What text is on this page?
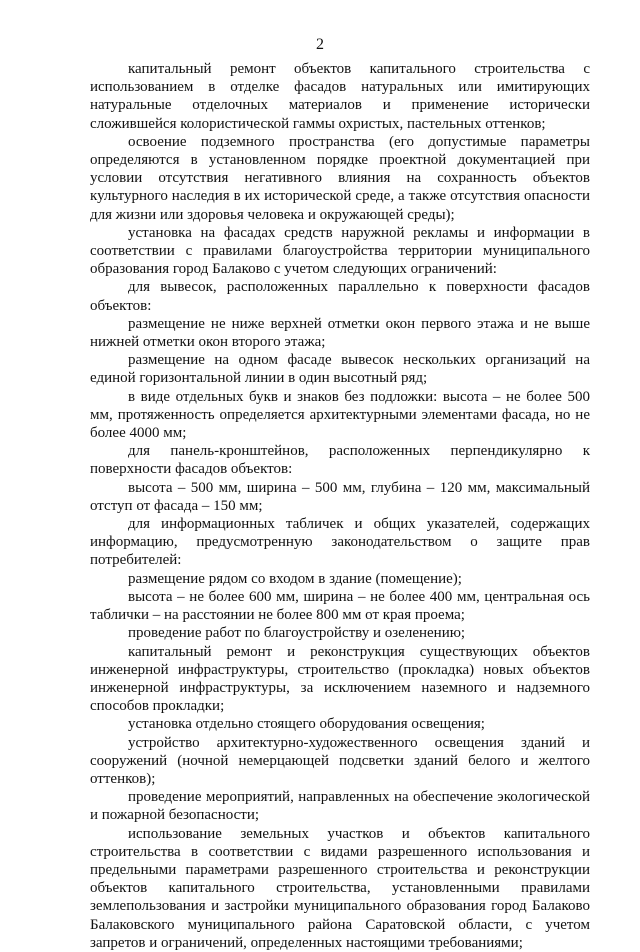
2

капитальный ремонт объектов капитального строительства с использованием в отделке фасадов натуральных или имитирующих натуральные отделочных материалов и применение исторически сложившейся колористической гаммы охристых, пастельных оттенков;

освоение подземного пространства (его допустимые параметры определяются в установленном порядке проектной документацией при условии отсутствия негативного влияния на сохранность объектов культурного наследия в их исторической среде, а также отсутствия опасности для жизни или здоровья человека и окружающей среды);

установка на фасадах средств наружной рекламы и информации в соответствии с правилами благоустройства территории муниципального образования город Балаково с учетом следующих ограничений:

для вывесок, расположенных параллельно к поверхности фасадов объектов:

размещение не ниже верхней отметки окон первого этажа и не выше нижней отметки окон второго этажа;

размещение на одном фасаде вывесок нескольких организаций на единой горизонтальной линии в один высотный ряд;

в виде отдельных букв и знаков без подложки: высота – не более 500 мм, протяженность определяется архитектурными элементами фасада, но не более 4000 мм;

для панель-кронштейнов, расположенных перпендикулярно к поверхности фасадов объектов:

высота – 500 мм, ширина – 500 мм, глубина – 120 мм, максимальный отступ от фасада – 150 мм;

для информационных табличек и общих указателей, содержащих информацию, предусмотренную законодательством о защите прав потребителей:

размещение рядом со входом в здание (помещение);

высота – не более 600 мм, ширина – не более 400 мм, центральная ось таблички – на расстоянии не более 800 мм от края проема;

проведение работ по благоустройству и озеленению;

капитальный ремонт и реконструкция существующих объектов инженерной инфраструктуры, строительство (прокладка) новых объектов инженерной инфраструктуры, за исключением наземного и надземного способов прокладки;

установка отдельно стоящего оборудования освещения;

устройство архитектурно-художественного освещения зданий и сооружений (ночной немерцающей подсветки зданий белого и желтого оттенков);

проведение мероприятий, направленных на обеспечение экологической и пожарной безопасности;

использование земельных участков и объектов капитального строительства в соответствии с видами разрешенного использования и предельными параметрами разрешенного строительства и реконструкции объектов капитального строительства, установленными правилами землепользования и застройки муниципального образования город Балаково Балаковского муниципального района Саратовской области, с учетом запретов и ограничений, определенных настоящими требованиями;
